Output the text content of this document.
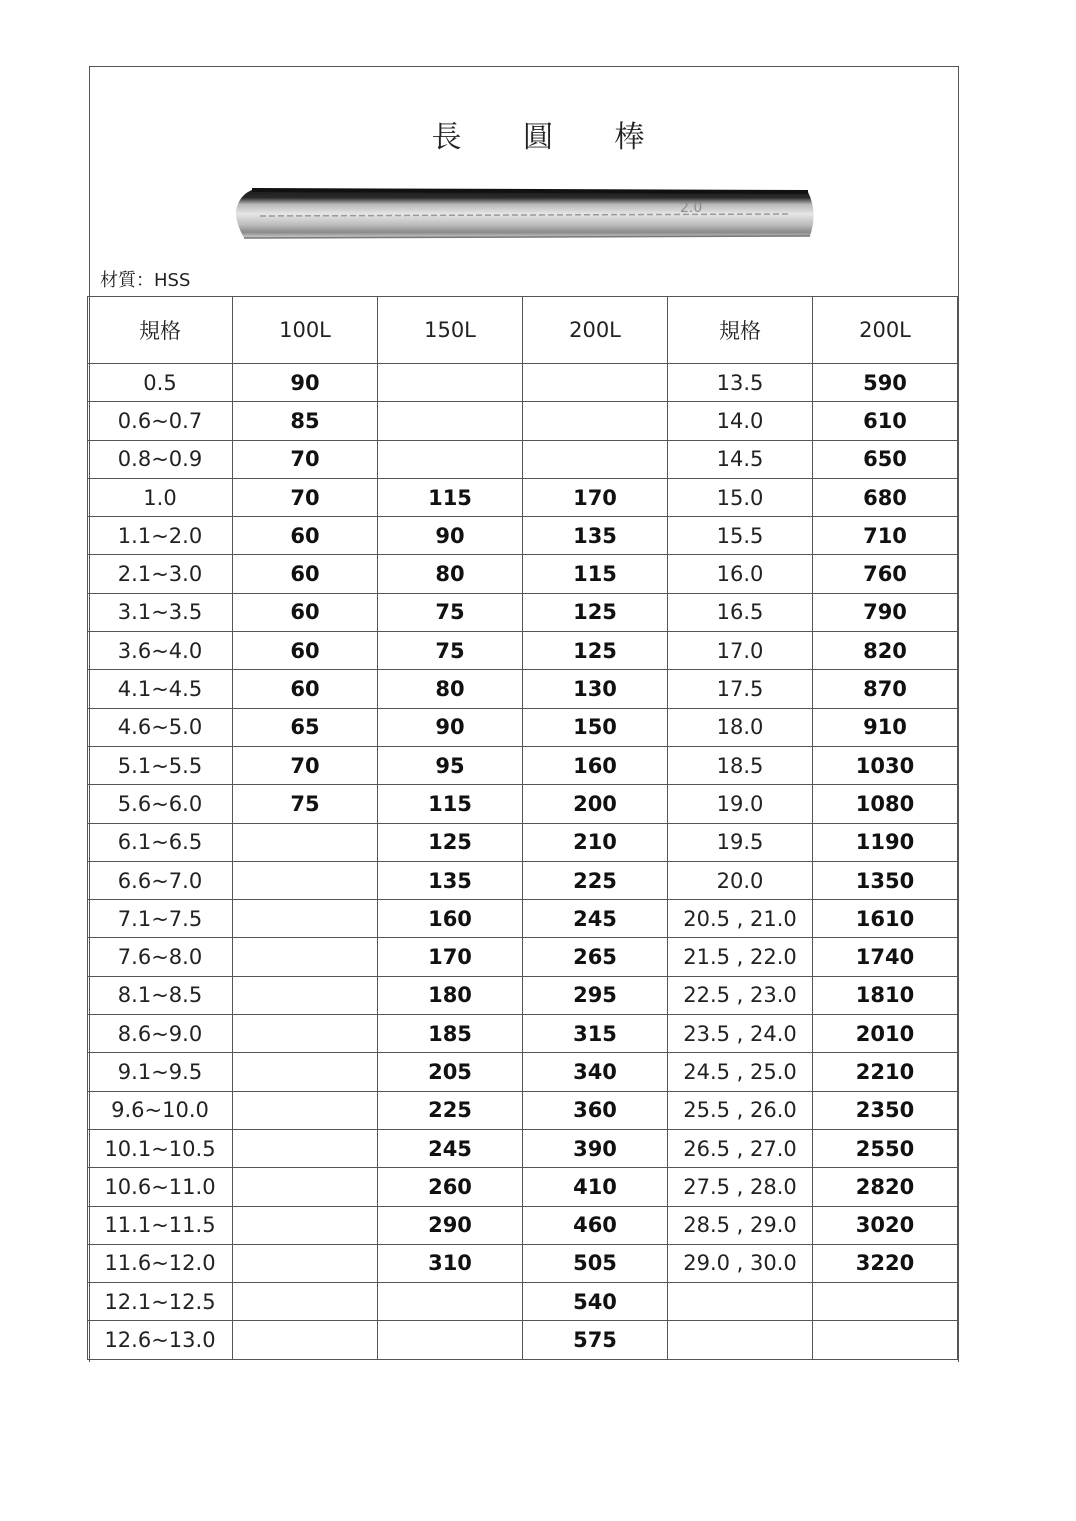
長 圓 棒
2.0
材質：HSS
規格	100L	150L	200L	規格	200L
0.5	90			13.5	590
0.6~0.7	85			14.0	610
0.8~0.9	70			14.5	650
1.0	70	115	170	15.0	680
1.1~2.0	60	90	135	15.5	710
2.1~3.0	60	80	115	16.0	760
3.1~3.5	60	75	125	16.5	790
3.6~4.0	60	75	125	17.0	820
4.1~4.5	60	80	130	17.5	870
4.6~5.0	65	90	150	18.0	910
5.1~5.5	70	95	160	18.5	1030
5.6~6.0	75	115	200	19.0	1080
6.1~6.5		125	210	19.5	1190
6.6~7.0		135	225	20.0	1350
7.1~7.5		160	245	20.5 , 21.0	1610
7.6~8.0		170	265	21.5 , 22.0	1740
8.1~8.5		180	295	22.5 , 23.0	1810
8.6~9.0		185	315	23.5 , 24.0	2010
9.1~9.5		205	340	24.5 , 25.0	2210
9.6~10.0		225	360	25.5 , 26.0	2350
10.1~10.5		245	390	26.5 , 27.0	2550
10.6~11.0		260	410	27.5 , 28.0	2820
11.1~11.5		290	460	28.5 , 29.0	3020
11.6~12.0		310	505	29.0 , 30.0	3220
12.1~12.5			540		
12.6~13.0			575		
